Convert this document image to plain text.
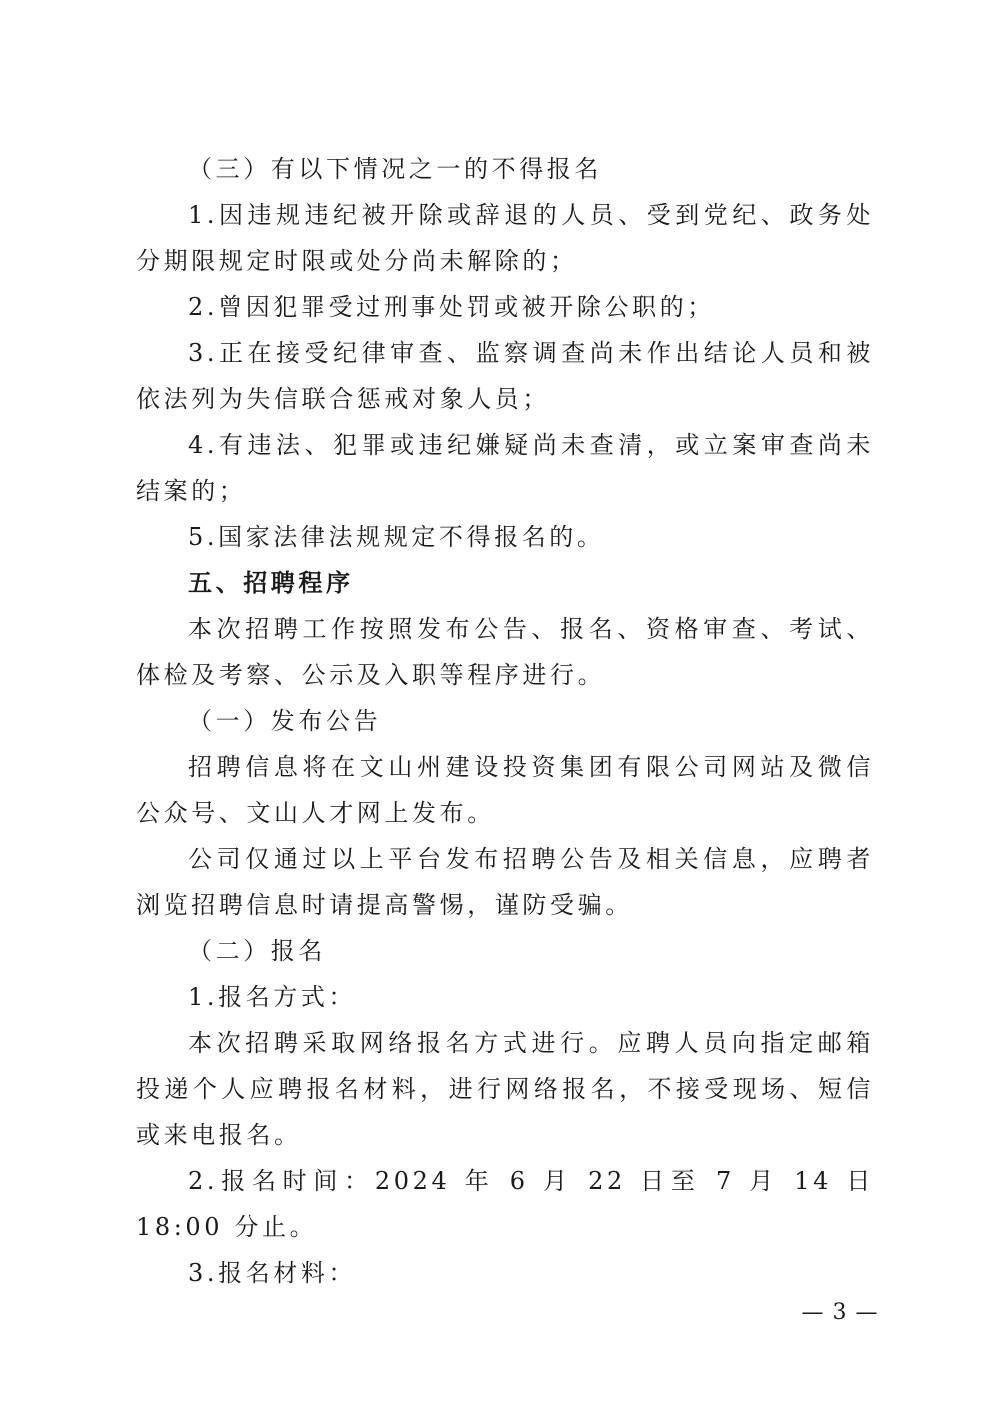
（三）有以下情况之一的不得报名

1.因违规违纪被开除或辞退的人员、受到党纪、政务处分期限规定时限或处分尚未解除的；

2.曾因犯罪受过刑事处罚或被开除公职的；

3.正在接受纪律审查、监察调查尚未作出结论人员和被依法列为失信联合惩戒对象人员；

4.有违法、犯罪或违纪嫌疑尚未查清，或立案审查尚未结案的；

5.国家法律法规规定不得报名的。

五、招聘程序

本次招聘工作按照发布公告、报名、资格审查、考试、体检及考察、公示及入职等程序进行。

（一）发布公告

招聘信息将在文山州建设投资集团有限公司网站及微信公众号、文山人才网上发布。

公司仅通过以上平台发布招聘公告及相关信息，应聘者浏览招聘信息时请提高警惕，谨防受骗。

（二）报名

1.报名方式：

本次招聘采取网络报名方式进行。应聘人员向指定邮箱投递个人应聘报名材料，进行网络报名，不接受现场、短信或来电报名。

2.报名时间：2024 年 6 月 22 日至 7 月 14 日 18:00 分止。

3.报名材料：

— 3 —
